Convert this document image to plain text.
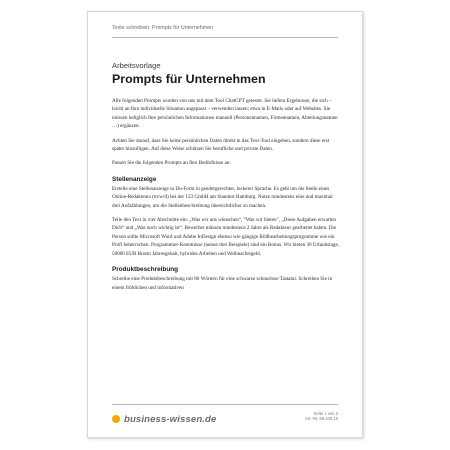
Texte schreiben: Prompts für Unternehmen

Arbeitsvorlage

Prompts für Unternehmen

Alle folgenden Prompts wurden von uns mit dem Tool ChatGPT getestet. Sie liefern Ergebnisse, die sich – leicht an Ihre individuelle Situation angepasst – verwenden lassen; etwa in E-Mails oder auf Websites. Sie müssen lediglich Ihre persönlichen Informationen manuell (Personennamen, Firmennamen, Abteilungsnamen …) ergänzen.

Achten Sie darauf, dass Sie keine persönlichen Daten direkt in das Text-Tool eingeben, sondern diese erst später hinzufügen. Auf diese Weise schützen Sie berufliche und private Daten.

Passen Sie die folgenden Prompts an Ihre Bedürfnisse an:

Stellenanzeige

Erstelle eine Stellenanzeige in Du-Form in gendergerechter, lockerer Sprache. Es geht um die Stelle eines Online-Redakteurs (m/w/d) bei der 123 GmbH am Standort Hamburg. Nutze mindestens eine und maximal drei Aufzählungen, um die Stellenbeschreibung übersichtlicher zu machen.

Teile den Text in vier Abschnitte ein: „Was wir uns wünschen“, “Was wir bieten”, „Diese Aufgaben erwarten Dich“ und „Was noch wichtig ist“. Bewerber müssen mindestens 2 Jahre als Redakteur gearbeitet haben. Die Person sollte Microsoft Word und Adobe InDesign ebenso wie gängige Bildbearbeitungsprogramme wie ein Profi beherrschen. Programmier-Kenntnisse (nenne drei Beispiele) sind ein Bonus. Wir bieten 30 Urlaubstage, 50000 EUR Brutto Jahresgehalt, hybrides Arbeiten und Weihnachtsgeld.

Produktbeschreibung

Schreibe eine Produktbeschreibung mit 80 Wörtern für eine schwarze schnurlose Tastatur. Schreiben Sie in einem fröhlichen und informativen

business-wissen.de	Seite 1 von 3
Art.-Nr. 99.100.15
